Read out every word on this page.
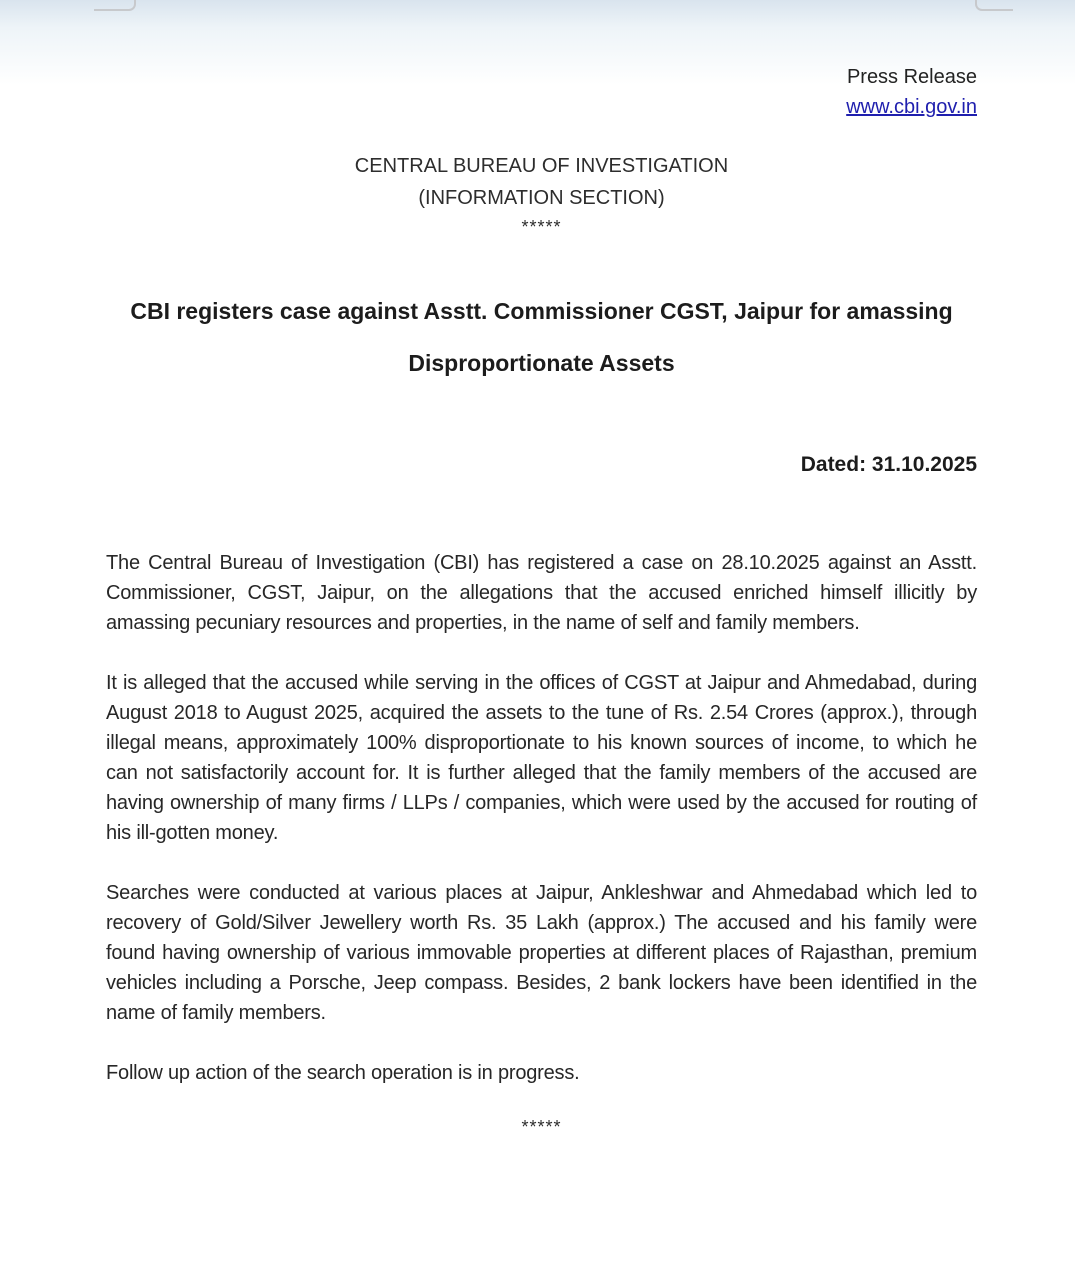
Press Release
www.cbi.gov.in
CENTRAL BUREAU OF INVESTIGATION
(INFORMATION SECTION)
*****
CBI registers case against Asstt. Commissioner CGST, Jaipur for amassing
Disproportionate Assets
Dated: 31.10.2025

The Central Bureau of Investigation (CBI) has registered a case on 28.10.2025 against an Asstt. Commissioner, CGST, Jaipur, on the allegations that the accused enriched himself illicitly by amassing pecuniary resources and properties, in the name of self and family members.

It is alleged that the accused while serving in the offices of CGST at Jaipur and Ahmedabad, during August 2018 to August 2025, acquired the assets to the tune of Rs. 2.54 Crores (approx.), through illegal means, approximately 100% disproportionate to his known sources of income, to which he can not satisfactorily account for. It is further alleged that the family members of the accused are having ownership of many firms / LLPs / companies, which were used by the accused for routing of his ill-gotten money.

Searches were conducted at various places at Jaipur, Ankleshwar and Ahmedabad which led to recovery of Gold/Silver Jewellery worth Rs. 35 Lakh (approx.) The accused and his family were found having ownership of various immovable properties at different places of Rajasthan, premium vehicles including a Porsche, Jeep compass. Besides, 2 bank lockers have been identified in the name of family members.

Follow up action of the search operation is in progress.

*****
